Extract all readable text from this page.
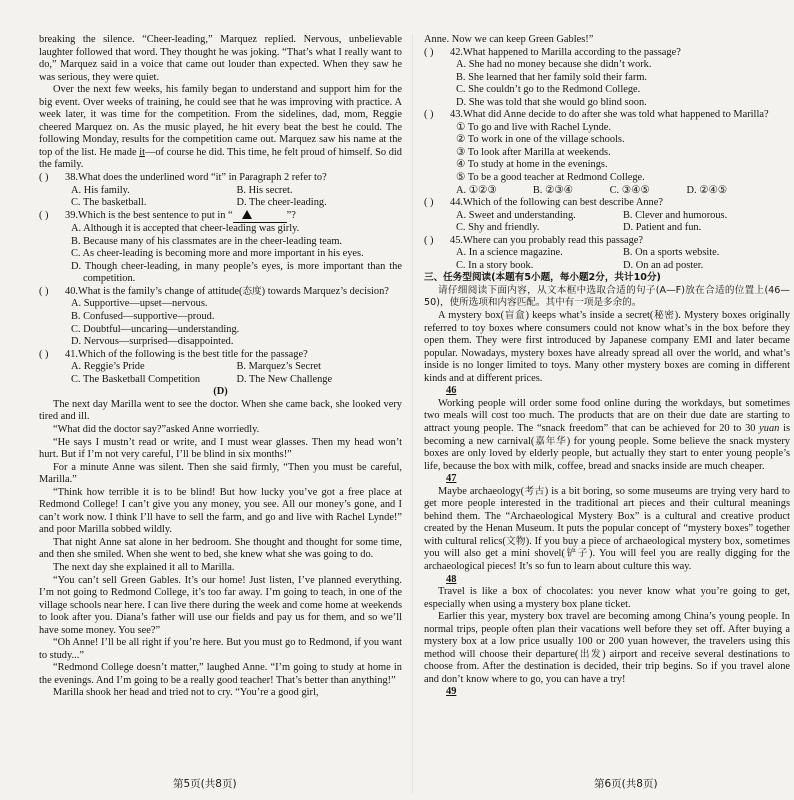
breaking the silence. “Cheer-leading,” Marquez replied. Nervous, unbelievable laughter followed that word. They thought he was joking. “That’s what I really want to do,” Marquez said in a voice that came out louder than expected. When they saw he was serious, they were quiet.

Over the next few weeks, his family began to understand and support him for the big event. Over weeks of training, he could see that he was improving with practice. A week later, it was time for the competition. From the sidelines, dad, mom, Reggie cheered Marquez on. As the music played, he hit every beat the best he could. The following Monday, results for the competition came out. Marquez saw his name at the top of the list. He made it—of course he did. This time, he felt proud of himself. So did the family.

( ) 38.What does the underlined word “it” in Paragraph 2 refer to?
A. His family.	B. His secret.
C. The basketball.	D. The cheer-leading.
( ) 39.Which is the best sentence to put in “	”?
A. Although it is accepted that cheer-leading was girly.
B. Because many of his classmates are in the cheer-leading team.
C. As cheer-leading is becoming more and more important in his eyes.
D. Though cheer-leading, in many people’s eyes, is more important than the competition.
( ) 40.What is the family’s change of attitude(态度) towards Marquez’s decision?
A. Supportive—upset—nervous.
B. Confused—supportive—proud.
C. Doubtful—uncaring—understanding.
D. Nervous—surprised—disappointed.
( ) 41.Which of the following is the best title for the passage?
A. Reggie’s Pride	B. Marquez’s Secret
C. The Basketball Competition	D. The New Challenge

(D)

The next day Marilla went to see the doctor. When she came back, she looked very tired and ill.

“What did the doctor say?”asked Anne worriedly.

“He says I mustn’t read or write, and I must wear glasses. Then my head won’t hurt. But if I’m not very careful, I’ll be blind in six months!”

For a minute Anne was silent. Then she said firmly, “Then you must be careful, Marilla.”

“Think how terrible it is to be blind! But how lucky you’ve got a free place at Redmond College! I can’t give you any money, you see. All our money’s gone, and I can’t work now. I think I’ll have to sell the farm, and go and live with Rachel Lynde!” and poor Marilla sobbed wildly.

That night Anne sat alone in her bedroom. She thought and thought for some time, and then she smiled. When she went to bed, she knew what she was going to do.

The next day she explained it all to Marilla.

“You can’t sell Green Gables. It’s our home! Just listen, I’ve planned everything. I’m not going to Redmond College, it’s too far away. I’m going to teach, in one of the village schools near here. I can live there during the week and come home at weekends to look after you. Diana’s father will use our fields and pay us for them, and so we’ll have some money. You see?”

“Oh Anne! I’ll be all right if you’re here. But you must go to Redmond, if you want to study...”

“Redmond College doesn’t matter,” laughed Anne. “I’m going to study at home in the evenings. And I’m going to be a really good teacher! That’s better than anything!”

Marilla shook her head and tried not to cry. “You’re a good girl,

Anne. Now we can keep Green Gables!”

( ) 42.What happened to Marilla according to the passage?
A. She had no money because she didn’t work.
B. She learned that her family sold their farm.
C. She couldn’t go to the Redmond College.
D. She was told that she would go blind soon.
( ) 43.What did Anne decide to do after she was told what happened to Marilla?
① To go and live with Rachel Lynde.
② To work in one of the village schools.
③ To look after Marilla at weekends.
④ To study at home in the evenings.
⑤ To be a good teacher at Redmond College.
A. ①②③	B. ②③④	C. ③④⑤	D. ②④⑤
( ) 44.Which of the following can best describe Anne?
A. Sweet and understanding.	B. Clever and humorous.
C. Shy and friendly.	D. Patient and fun.
( ) 45.Where can you probably read this passage?
A. In a science magazine.	B. On a sports website.
C. In a story book.	D. On an ad poster.

三、任务型阅读(本题有5小题，每小题2分，共计10分)

请仔细阅读下面内容，从文本框中选取合适的句子(A—F)放在合适的位置上(46—50)，使所选项和内容匹配。其中有一项是多余的。

A mystery box(盲盒) keeps what’s inside a secret(秘密). Mystery boxes originally referred to toy boxes where consumers could not know what’s in the box before they open them. They were first introduced by Japanese company EMI and later became popular. Nowadays, mystery boxes have already spread all over the world, and what’s inside is no longer limited to toys. Many other mystery boxes are coming in different kinds and at different prices.

46

Working people will order some food online during the workdays, but sometimes two meals will cost too much. The products that are on their due date are starting to attract young people. The “snack freedom” that can be achieved for 20 to 30 yuan is becoming a new carnival(嘉年华) for young people. Some believe the snack mystery boxes are only loved by elderly people, but actually they start to enter young people’s life, because the box with milk, coffee, bread and snacks inside are much cheaper.

47

Maybe archaeology(考古) is a bit boring, so some museums are trying very hard to get more people interested in the traditional art pieces and their cultural meanings behind them. The “Archaeological Mystery Box” is a cultural and creative product created by the Henan Museum. It puts the popular concept of “mystery boxes” together with cultural relics(文物). If you buy a piece of archaeological mystery box, sometimes you will also get a mini shovel(铲子). You will feel you are really digging for the archaeological pieces! It’s so fun to learn about culture this way.

48

Travel is like a box of chocolates: you never know what you’re going to get, especially when using a mystery box plane ticket.

Earlier this year, mystery box travel are becoming among China’s young people. In normal trips, people often plan their vacations well before they set off. After buying a mystery box at a low price usually 100 or 200 yuan however, the travelers using this method will choose their departure(出发) airport and receive several destinations to choose from. After the destination is decided, their trip begins. So if you travel alone and don’t know where to go, you can have a try!

49

第5页(共8页)	第6页(共8页)
